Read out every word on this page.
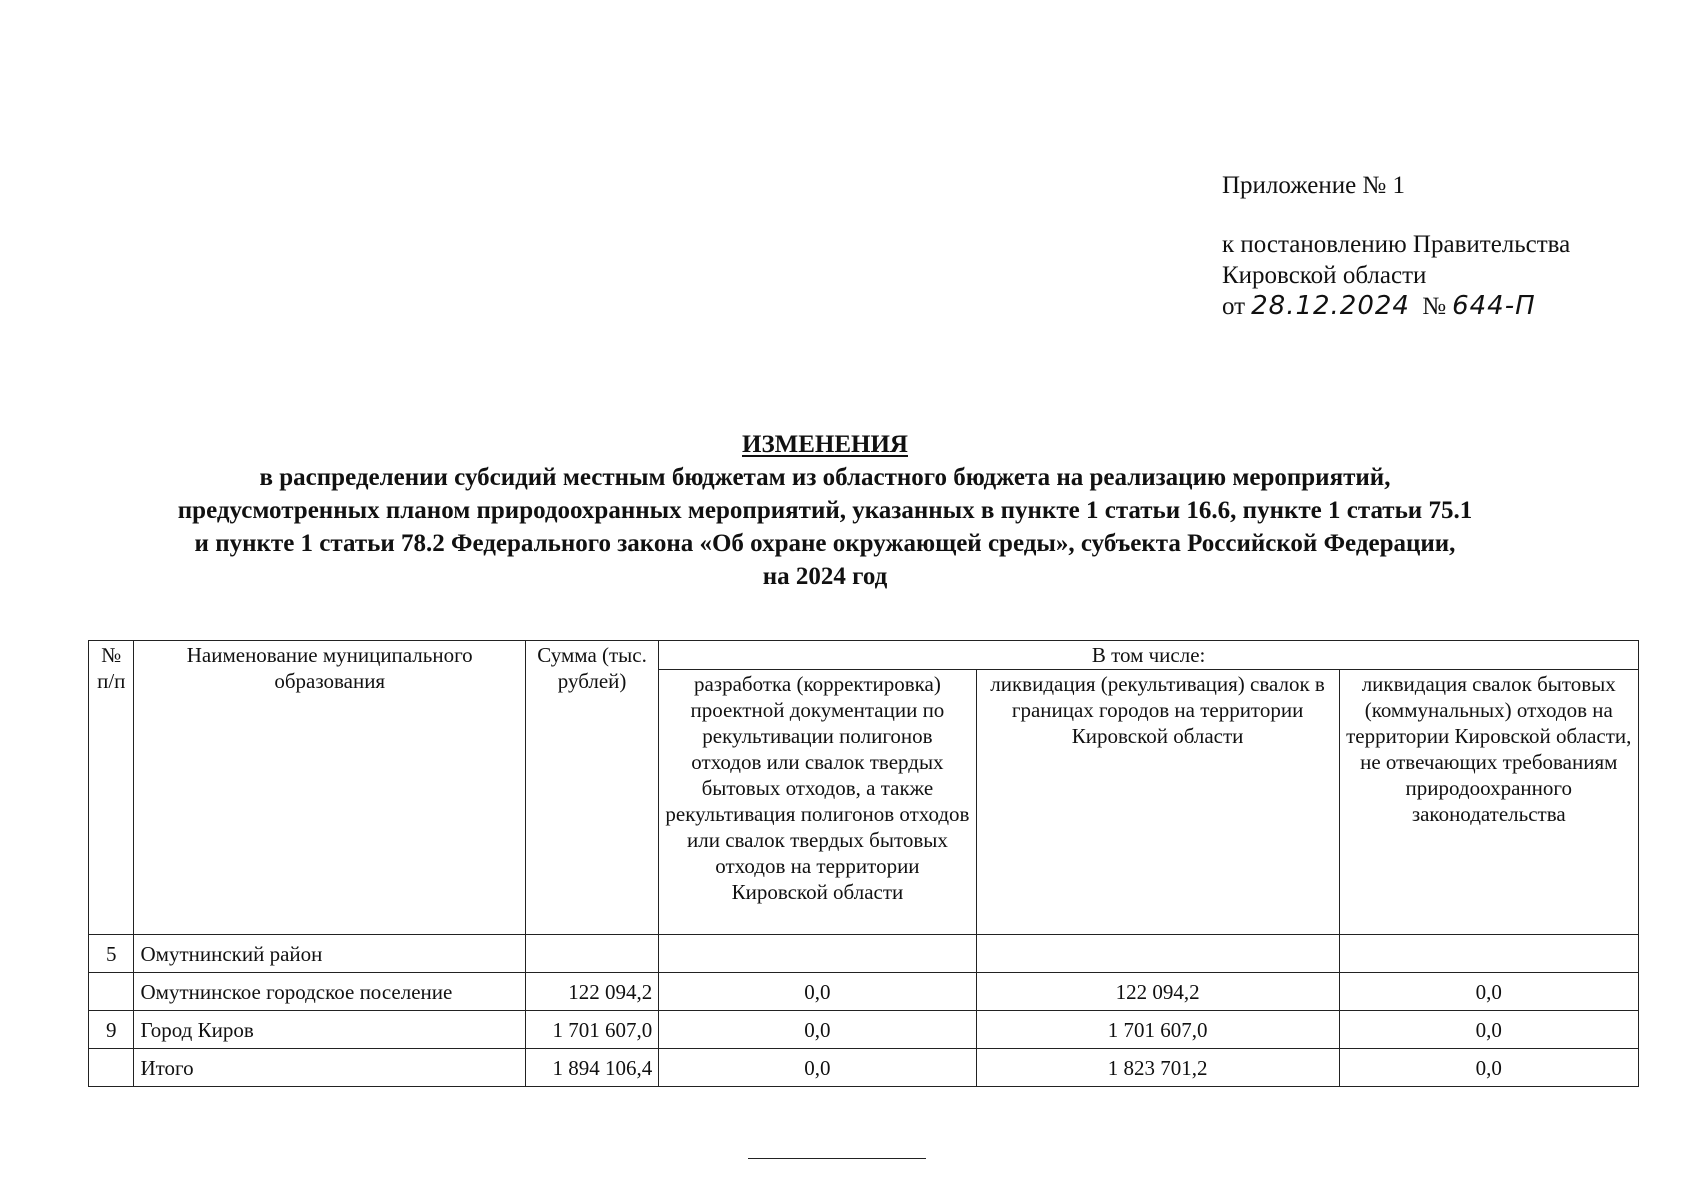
Приложение № 1
к постановлению Правительства
Кировской области
от 28.12.2024 № 644-П
ИЗМЕНЕНИЯ
в распределении субсидий местным бюджетам из областного бюджета на реализацию мероприятий,
предусмотренных планом природоохранных мероприятий, указанных в пункте 1 статьи 16.6, пункте 1 статьи 75.1
и пункте 1 статьи 78.2 Федерального закона «Об охране окружающей среды», субъекта Российской Федерации,
на 2024 год
№ п/п	Наименование муниципального образования	Сумма (тыс. рублей)	В том числе:		
			разработка (корректировка) проектной документации по рекультивации полигонов отходов или свалок твердых бытовых отходов, а также рекультивация полигонов отходов или свалок твердых бытовых отходов на территории Кировской области	ликвидация (рекультивация) свалок в границах городов на территории Кировской области	ликвидация свалок бытовых (коммунальных) отходов на территории Кировской области, не отвечающих требованиям природоохранного законодательства
5	Омутнинский район				
	Омутнинское городское поселение	122 094,2	0,0	122 094,2	0,0
9	Город Киров	1 701 607,0	0,0	1 701 607,0	0,0
	Итого	1 894 106,4	0,0	1 823 701,2	0,0
